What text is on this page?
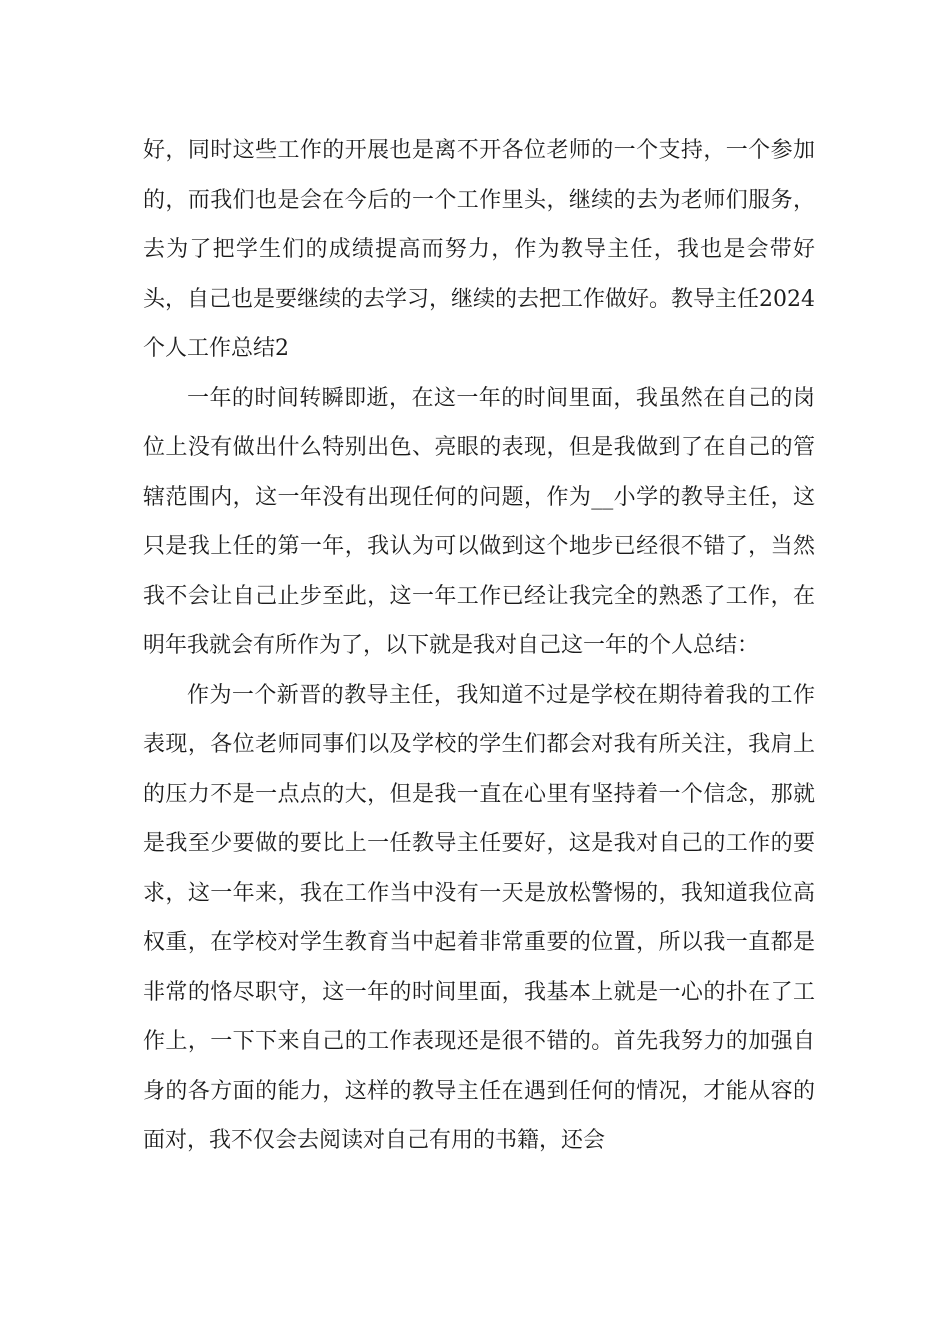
好，同时这些工作的开展也是离不开各位老师的一个支持，一个参加的，而我们也是会在今后的一个工作里头，继续的去为老师们服务，去为了把学生们的成绩提高而努力，作为教导主任，我也是会带好头，自己也是要继续的去学习，继续的去把工作做好。教导主任2024个人工作总结2

一年的时间转瞬即逝，在这一年的时间里面，我虽然在自己的岗位上没有做出什么特别出色、亮眼的表现，但是我做到了在自己的管辖范围内，这一年没有出现任何的问题，作为__小学的教导主任，这只是我上任的第一年，我认为可以做到这个地步已经很不错了，当然我不会让自己止步至此，这一年工作已经让我完全的熟悉了工作，在明年我就会有所作为了，以下就是我对自己这一年的个人总结：

作为一个新晋的教导主任，我知道不过是学校在期待着我的工作表现，各位老师同事们以及学校的学生们都会对我有所关注，我肩上的压力不是一点点的大，但是我一直在心里有坚持着一个信念，那就是我至少要做的要比上一任教导主任要好，这是我对自己的工作的要求，这一年来，我在工作当中没有一天是放松警惕的，我知道我位高权重，在学校对学生教育当中起着非常重要的位置，所以我一直都是非常的恪尽职守，这一年的时间里面，我基本上就是一心的扑在了工作上，一下下来自己的工作表现还是很不错的。首先我努力的加强自身的各方面的能力，这样的教导主任在遇到任何的情况，才能从容的面对，我不仅会去阅读对自己有用的书籍，还会
